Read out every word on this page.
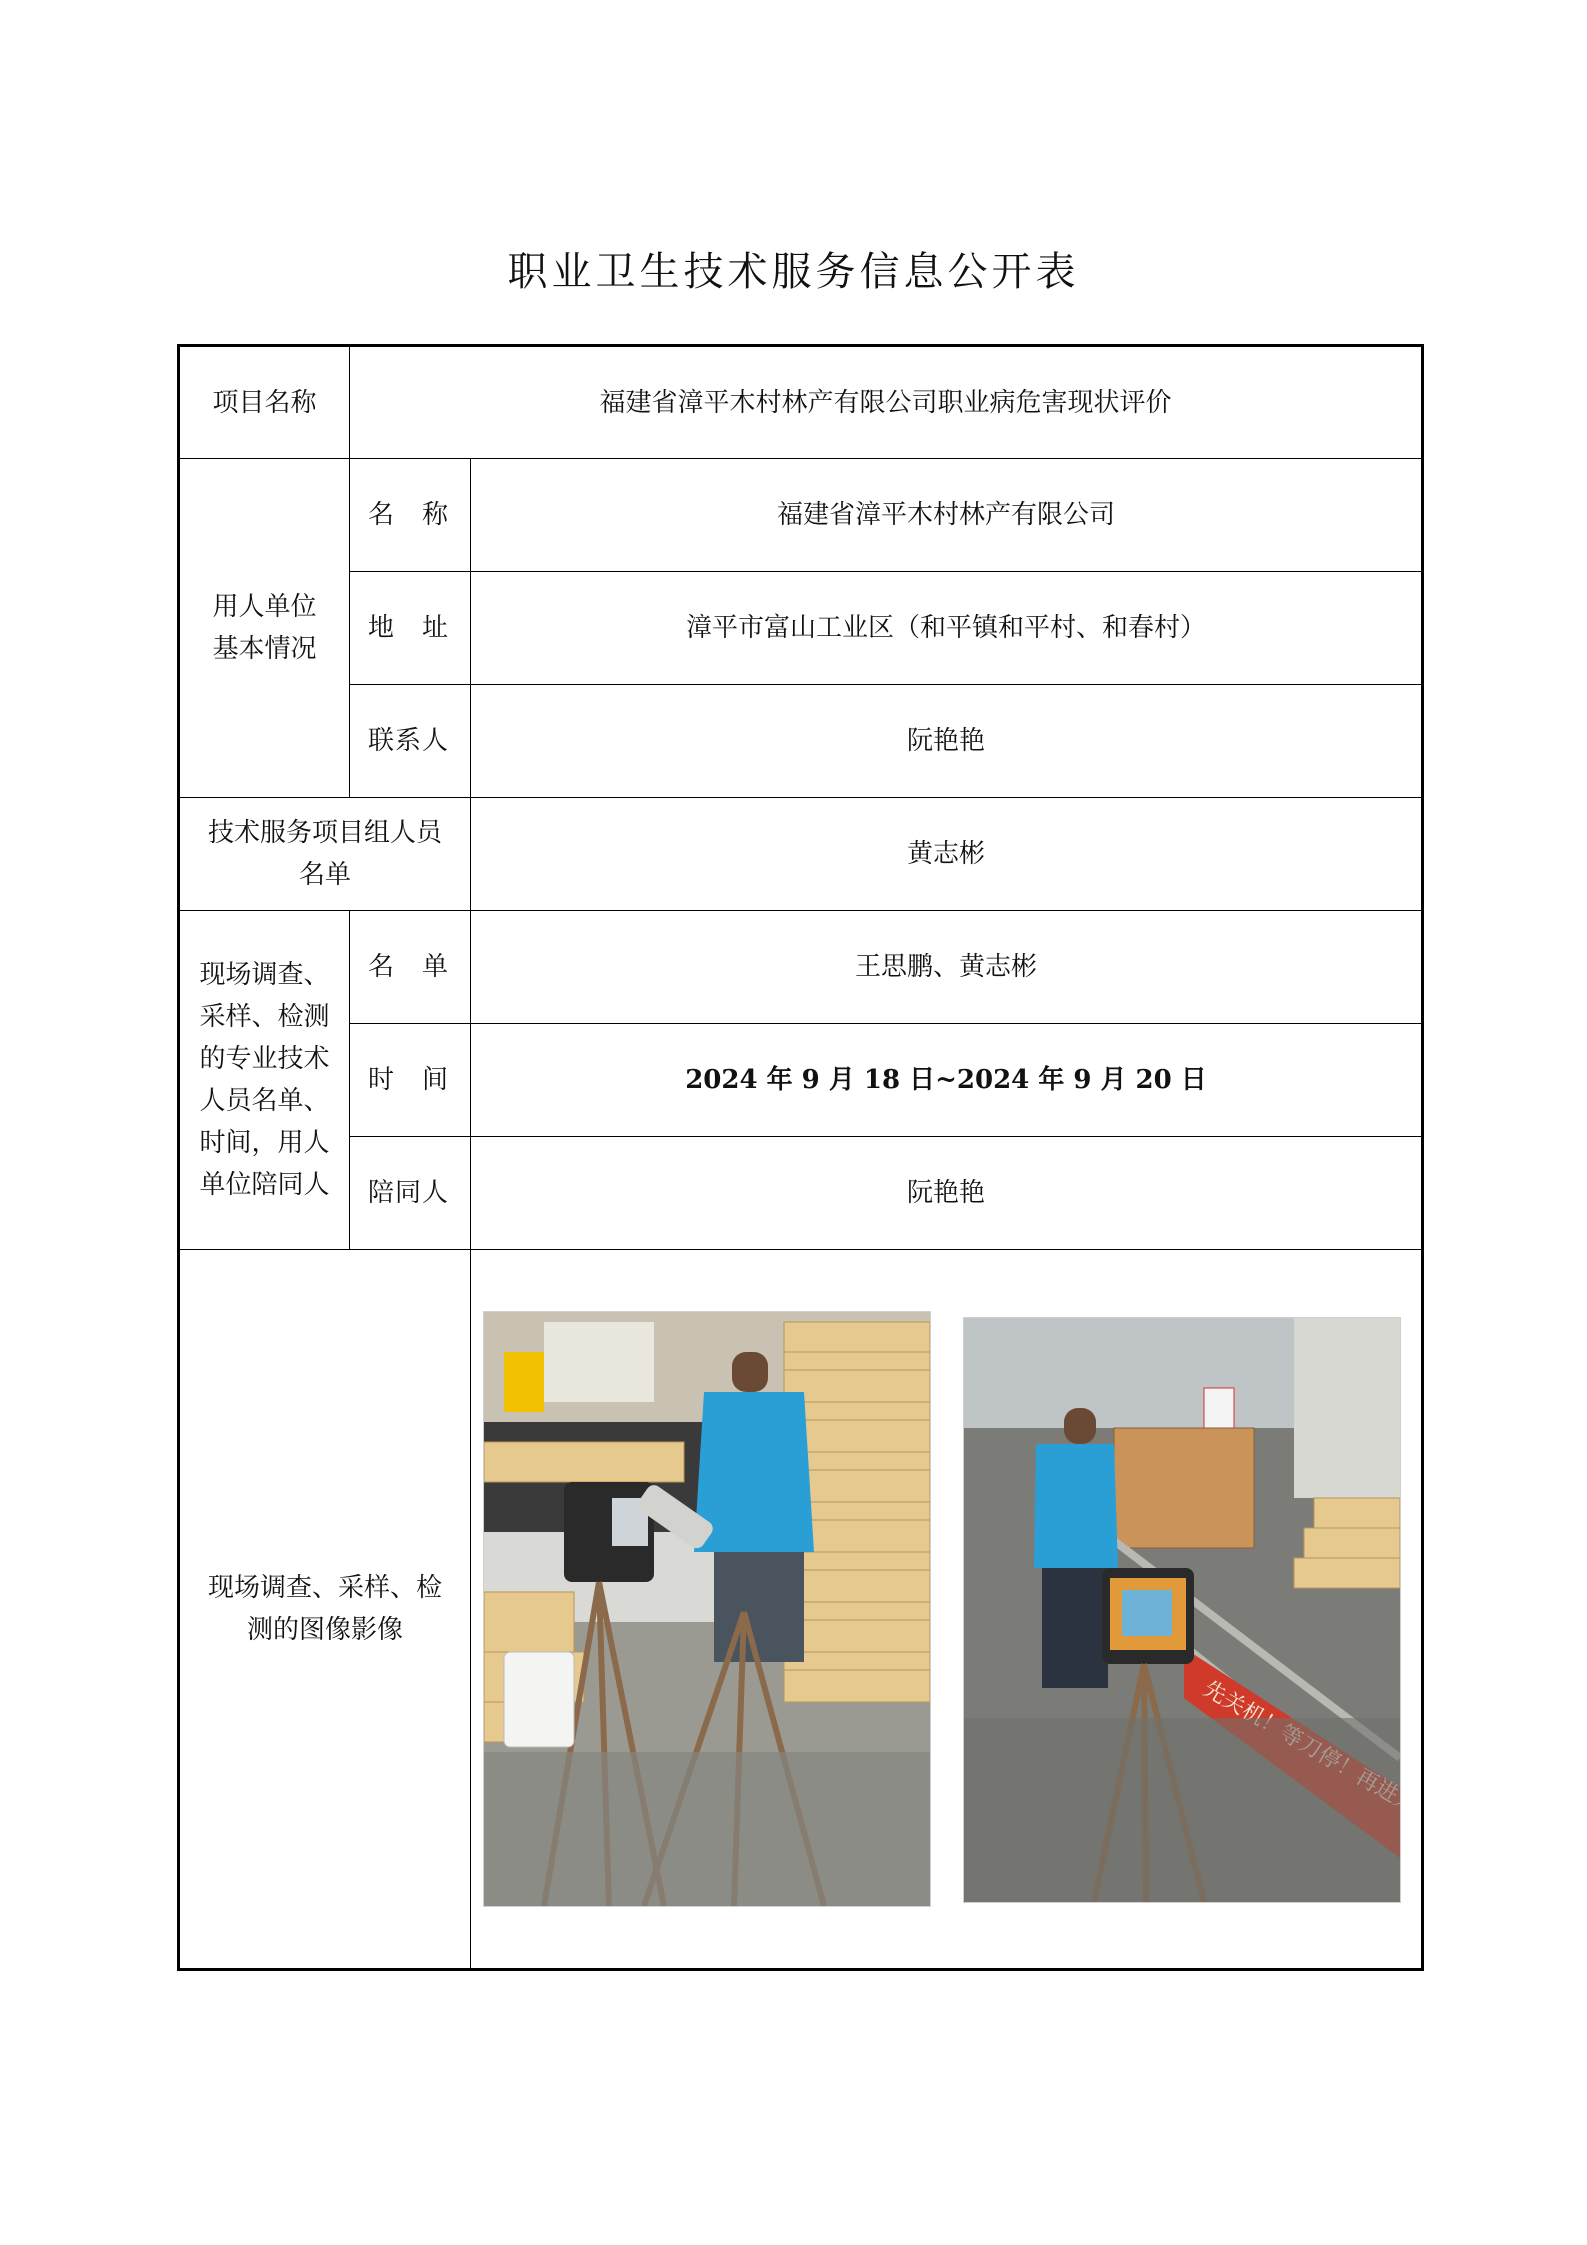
职业卫生技术服务信息公开表
项目名称	福建省漳平木村林产有限公司职业病危害现状评价	
用人单位基本情况	名　称	福建省漳平木村林产有限公司
	地　址	漳平市富山工业区（和平镇和平村、和春村）
	联系人	阮艳艳
技术服务项目组人员名单		黄志彬
现场调查、采样、检测的专业技术人员名单、时间，用人单位陪同人	名　单	王思鹏、黄志彬
	时　间	2024 年 9 月 18 日~2024 年 9 月 20 日
	陪同人	阮艳艳
现场调查、采样、检测的图像影像	
